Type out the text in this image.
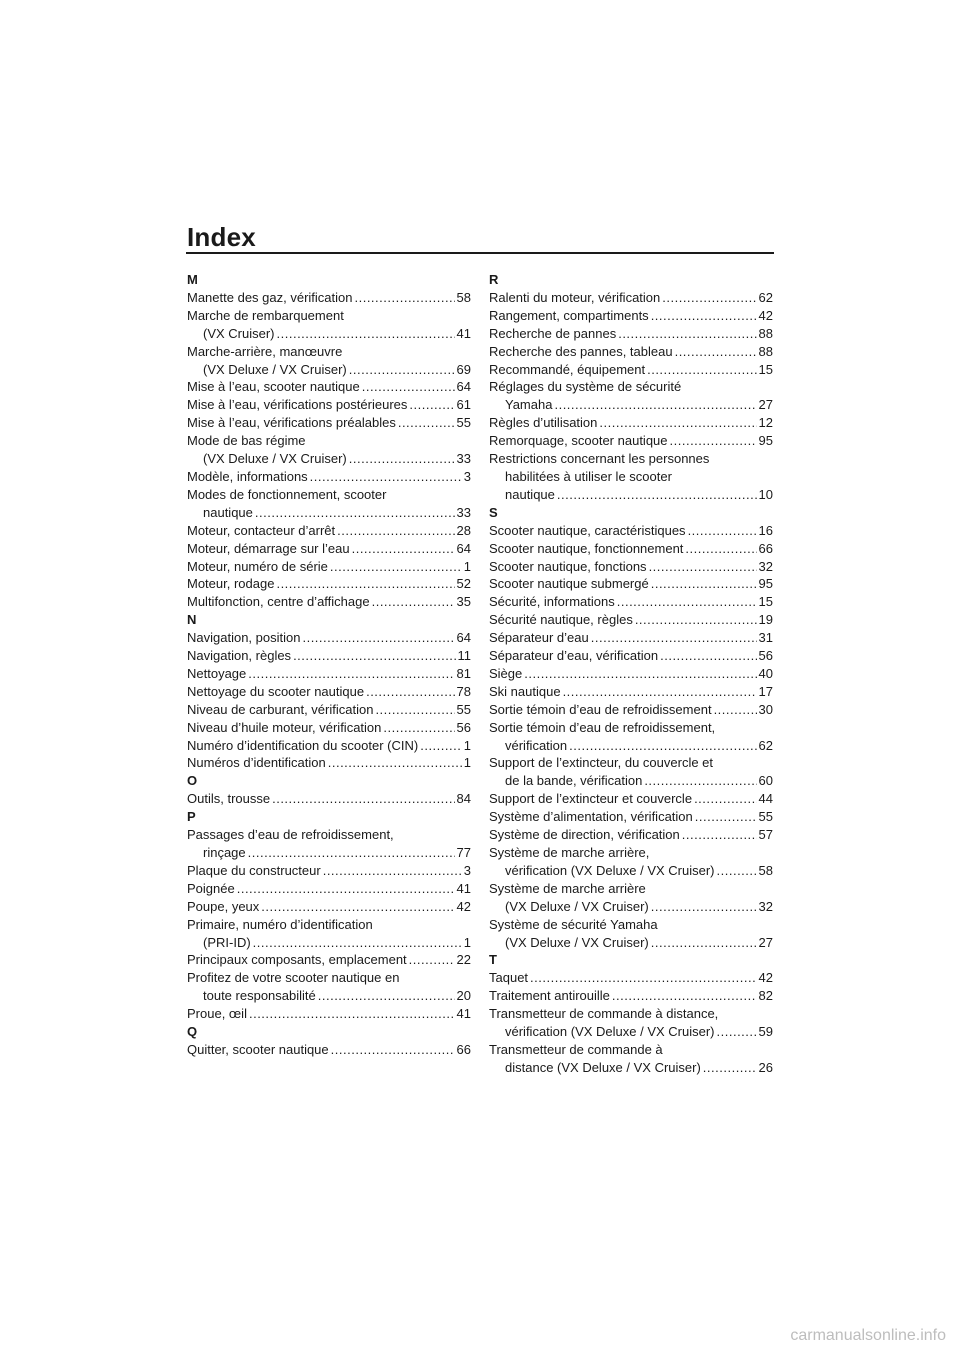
Index
M
Manette des gaz, vérification .....	58
Marche de rembarquement
(VX Cruiser) .....	41
Marche-arrière, manœuvre
(VX Deluxe / VX Cruiser) .....	69
Mise à l’eau, scooter nautique .....	64
Mise à l’eau, vérifications postérieures .....	61
Mise à l’eau, vérifications préalables .....	55
Mode de bas régime
(VX Deluxe / VX Cruiser) .....	33
Modèle, informations .....	3
Modes de fonctionnement, scooter
nautique .....	33
Moteur, contacteur d’arrêt .....	28
Moteur, démarrage sur l’eau .....	64
Moteur, numéro de série .....	1
Moteur, rodage .....	52
Multifonction, centre d’affichage .....	35
N
Navigation, position .....	64
Navigation, règles .....	11
Nettoyage .....	81
Nettoyage du scooter nautique .....	78
Niveau de carburant, vérification .....	55
Niveau d’huile moteur, vérification .....	56
Numéro d’identification du scooter (CIN) .....	1
Numéros d’identification .....	1
O
Outils, trousse .....	84
P
Passages d’eau de refroidissement,
rinçage .....	77
Plaque du constructeur .....	3
Poignée .....	41
Poupe, yeux .....	42
Primaire, numéro d’identification
(PRI-ID) .....	1
Principaux composants, emplacement .....	22
Profitez de votre scooter nautique en
toute responsabilité .....	20
Proue, œil .....	41
Q
Quitter, scooter nautique .....	66
R
Ralenti du moteur, vérification .....	62
Rangement, compartiments .....	42
Recherche de pannes .....	88
Recherche des pannes, tableau .....	88
Recommandé, équipement .....	15
Réglages du système de sécurité
Yamaha .....	27
Règles d’utilisation .....	12
Remorquage, scooter nautique .....	95
Restrictions concernant les personnes
habilitées à utiliser le scooter
nautique .....	10
S
Scooter nautique, caractéristiques .....	16
Scooter nautique, fonctionnement .....	66
Scooter nautique, fonctions .....	32
Scooter nautique submergé .....	95
Sécurité, informations .....	15
Sécurité nautique, règles .....	19
Séparateur d’eau .....	31
Séparateur d’eau, vérification .....	56
Siège .....	40
Ski nautique .....	17
Sortie témoin d’eau de refroidissement .....	30
Sortie témoin d’eau de refroidissement,
vérification .....	62
Support de l’extincteur, du couvercle et
de la bande, vérification .....	60
Support de l’extincteur et couvercle .....	44
Système d’alimentation, vérification .....	55
Système de direction, vérification .....	57
Système de marche arrière,
vérification (VX Deluxe / VX Cruiser) .....	58
Système de marche arrière
(VX Deluxe / VX Cruiser) .....	32
Système de sécurité Yamaha
(VX Deluxe / VX Cruiser) .....	27
T
Taquet .....	42
Traitement antirouille .....	82
Transmetteur de commande à distance,
vérification (VX Deluxe / VX Cruiser) .....	59
Transmetteur de commande à
distance (VX Deluxe / VX Cruiser) .....	26
carmanualsonline.info
